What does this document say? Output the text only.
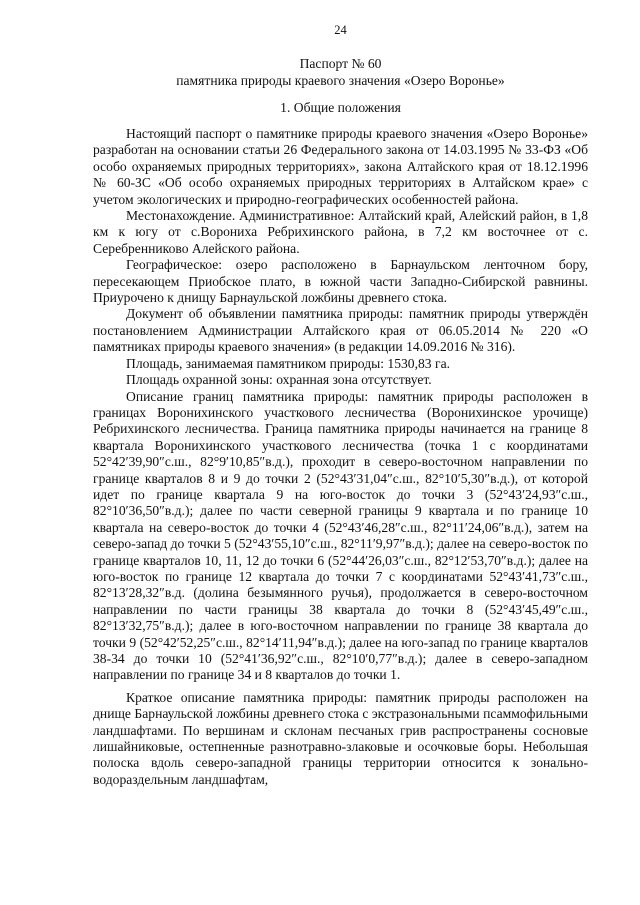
24
Паспорт № 60
памятника природы краевого значения «Озеро Воронье»
1. Общие положения

Настоящий паспорт о памятнике природы краевого значения «Озеро Воронье» разработан на основании статьи 26 Федерального закона от 14.03.1995 № 33-ФЗ «Об особо охраняемых природных территориях», закона Алтайского края от 18.12.1996 № 60-ЗС «Об особо охраняемых природных территориях в Алтайском крае» с учетом экологических и природно-географических особенностей района.

Местонахождение. Административное: Алтайский край, Алейский район, в 1,8 км к югу от с.Ворониха Ребрихинского района, в 7,2 км восточнее от с. Серебренниково Алейского района.

Географическое: озеро расположено в Барнаульском ленточном бору, пересекающем Приобское плато, в южной части Западно-Сибирской равнины. Приурочено к днищу Барнаульской ложбины древнего стока.

Документ об объявлении памятника природы: памятник природы утверждён постановлением Администрации Алтайского края от 06.05.2014 № 220 «О памятниках природы краевого значения» (в редакции 14.09.2016 № 316).

Площадь, занимаемая памятником природы: 1530,83 га.

Площадь охранной зоны: охранная зона отсутствует.

Описание границ памятника природы: памятник природы расположен в границах Воронихинского участкового лесничества (Воронихинское урочище) Ребрихинского лесничества. Граница памятника природы начинается на границе 8 квартала Воронихинского участкового лесничества (точка 1 с координатами 52°42′39,90″с.ш., 82°9′10,85″в.д.), проходит в северо-восточном направлении по границе кварталов 8 и 9 до точки 2 (52°43′31,04″с.ш., 82°10′5,30″в.д.), от которой идет по границе квартала 9 на юго-восток до точки 3 (52°43′24,93″с.ш., 82°10′36,50″в.д.); далее по части северной границы 9 квартала и по границе 10 квартала на северо-восток до точки 4 (52°43′46,28″с.ш., 82°11′24,06″в.д.), затем на северо-запад до точки 5 (52°43′55,10″с.ш., 82°11′9,97″в.д.); далее на северо-восток по границе кварталов 10, 11, 12 до точки 6 (52°44′26,03″с.ш., 82°12′53,70″в.д.); далее на юго-восток по границе 12 квартала до точки 7 с координатами 52°43′41,73″с.ш., 82°13′28,32″в.д. (долина безымянного ручья), продолжается в северо-восточном направлении по части границы 38 квартала до точки 8 (52°43′45,49″с.ш., 82°13′32,75″в.д.); далее в юго-восточном направлении по границе 38 квартала до точки 9 (52°42′52,25″с.ш., 82°14′11,94″в.д.); далее на юго-запад по границе кварталов 38-34 до точки 10 (52°41′36,92″с.ш., 82°10′0,77″в.д.); далее в северо-западном направлении по границе 34 и 8 кварталов до точки 1.

Краткое описание памятника природы: памятник природы расположен на днище Барнаульской ложбины древнего стока с экстразональными псаммофильными ландшафтами. По вершинам и склонам песчаных грив распространены сосновые лишайниковые, остепненные разнотравно-злаковые и осочковые боры. Небольшая полоска вдоль северо-западной границы территории относится к зонально-водораздельным ландшафтам,
